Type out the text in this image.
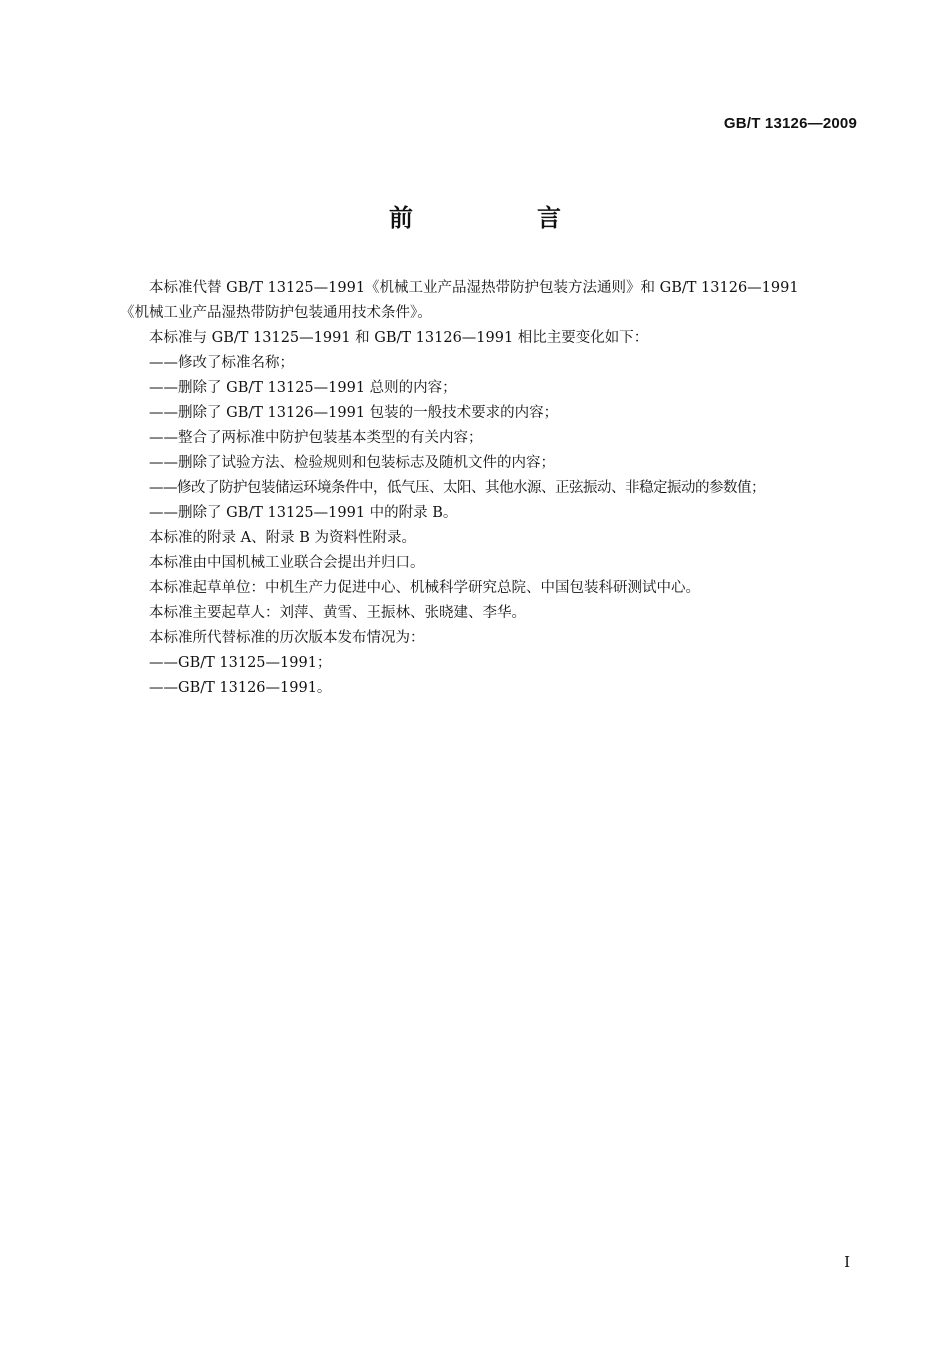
GB/T 13126—2009
前　言

本标准代替 GB/T 13125—1991《机械工业产品湿热带防护包装方法通则》和 GB/T 13126—1991

《机械工业产品湿热带防护包装通用技术条件》。

本标准与 GB/T 13125—1991 和 GB/T 13126—1991 相比主要变化如下：

——修改了标准名称；
——删除了 GB/T 13125—1991 总则的内容；
——删除了 GB/T 13126—1991 包装的一般技术要求的内容；
——整合了两标准中防护包装基本类型的有关内容；
——删除了试验方法、检验规则和包装标志及随机文件的内容；
——修改了防护包装储运环境条件中，低气压、太阳、其他水源、正弦振动、非稳定振动的参数值；
——删除了 GB/T 13125—1991 中的附录 B。

本标准的附录 A、附录 B 为资料性附录。

本标准由中国机械工业联合会提出并归口。

本标准起草单位：中机生产力促进中心、机械科学研究总院、中国包装科研测试中心。

本标准主要起草人：刘萍、黄雪、王振林、张晓建、李华。

本标准所代替标准的历次版本发布情况为：

——GB/T 13125—1991；
——GB/T 13126—1991。
I
